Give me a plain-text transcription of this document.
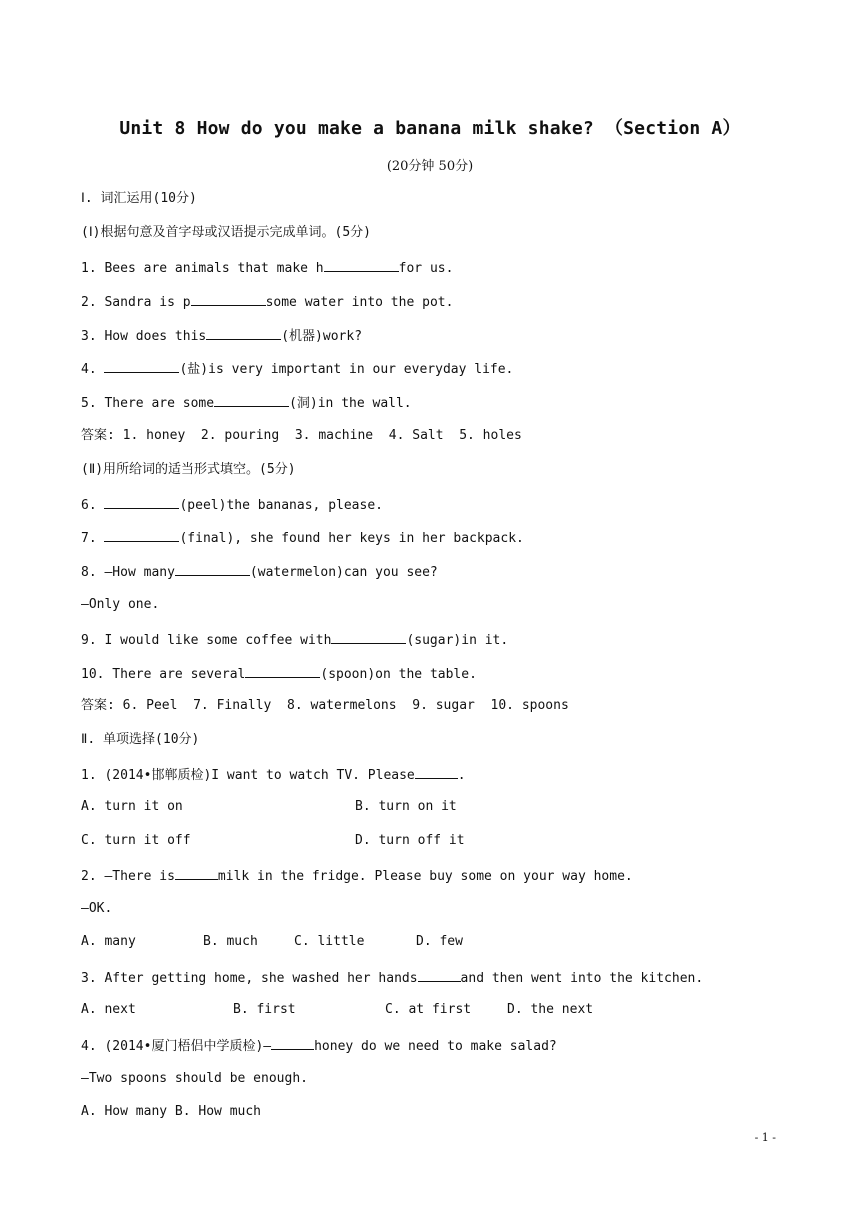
Unit 8 How do you make a banana milk shake? （Section A）
(20分钟 50分)
Ⅰ. 词汇运用(10分)
(Ⅰ)根据句意及首字母或汉语提示完成单词。(5分)
1. Bees are animals that make h	for us.
2. Sandra is p	some water into the pot.
3. How does this	(机器)work?
4.	(盐)is very important in our everyday life.
5. There are some	(洞)in the wall.
答案: 1. honey  2. pouring  3. machine  4. Salt  5. holes
(Ⅱ)用所给词的适当形式填空。(5分)
6.	(peel)the bananas, please.
7.	(final), she found her keys in her backpack.
8. —How many	(watermelon)can you see?
—Only one.
9. I would like some coffee with	(sugar)in it.
10. There are several	(spoon)on the table.
答案: 6. Peel  7. Finally  8. watermelons  9. sugar  10. spoons
Ⅱ. 单项选择(10分)
1. (2014•邯郸质检)I want to watch TV. Please	.
A. turn it on	B. turn on it
C. turn it off	D. turn off it
2. —There is	milk in the fridge. Please buy some on your way home.
—OK.
A. many	B. much	C. little	D. few
3. After getting home, she washed her hands	and then went into the kitchen.
A. next	B. first	C. at first	D. the next
4. (2014•厦门梧侣中学质检)—	honey do we need to make salad?
—Two spoons should be enough.
A. How many B. How much
- 1 -
